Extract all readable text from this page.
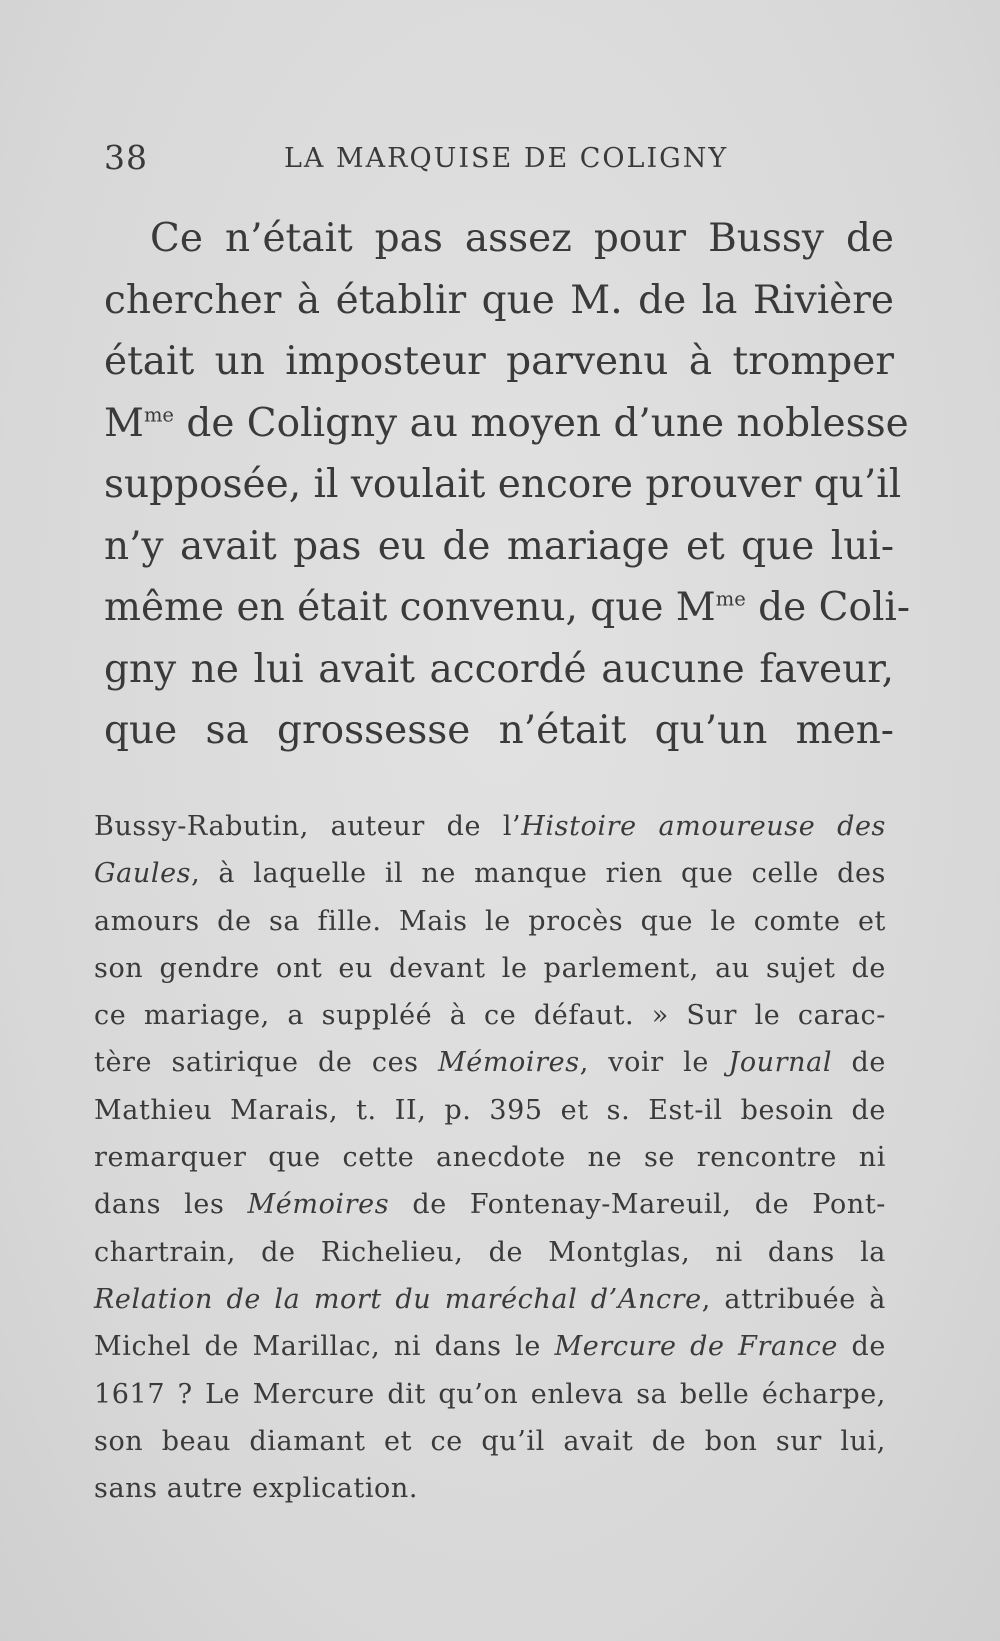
38	LA MARQUISE DE COLIGNY
Ce n’était pas assez pour Bussy de
chercher à établir que M. de la Rivière
était un imposteur parvenu à tromper
$M^{me}$ de Coligny au moyen d’une noblesse
supposée, il voulait encore prouver qu’il
n’y avait pas eu de mariage et que lui-
même en était convenu, que $M^{me}$ de Coli-
gny ne lui avait accordé aucune faveur,
que sa grossesse n’était qu’un men-
Bussy-Rabutin, auteur de l’Histoire amoureuse des
Gaules, à laquelle il ne manque rien que celle des
amours de sa fille. Mais le procès que le comte et
son gendre ont eu devant le parlement, au sujet de
ce mariage, a suppléé à ce défaut. » Sur le carac-
tère satirique de ces Mémoires, voir le Journal de
Mathieu Marais, t. II, p. 395 et s. Est-il besoin de
remarquer que cette anecdote ne se rencontre ni
dans les Mémoires de Fontenay-Mareuil, de Pont-
chartrain, de Richelieu, de Montglas, ni dans la
Relation de la mort du maréchal d’Ancre, attribuée à
Michel de Marillac, ni dans le Mercure de France de
1617 ? Le Mercure dit qu’on enleva sa belle écharpe,
son beau diamant et ce qu’il avait de bon sur lui,
sans autre explication.
